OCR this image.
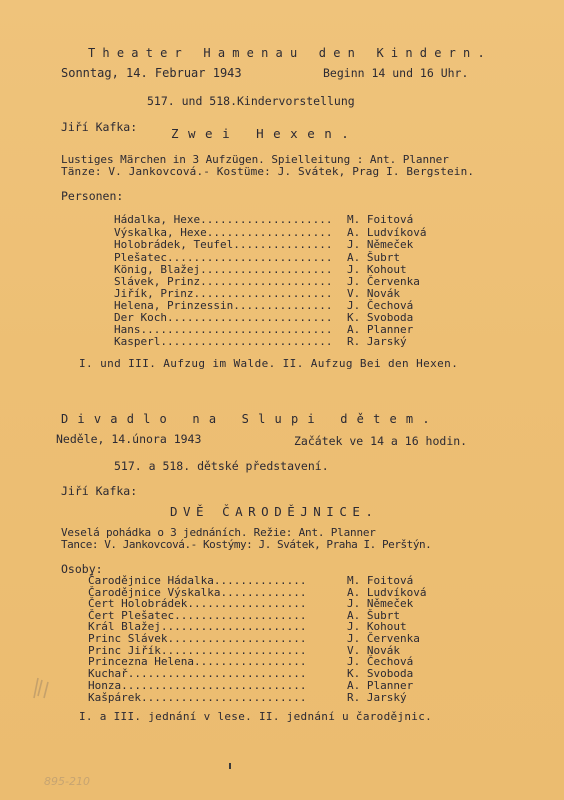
Theater Hamenau den Kindern.
Sonntag, 14. Februar 1943	Beginn 14 und 16 Uhr.
517. und 518.Kindervorstellung
Jiří Kafka:	Zwei Hexen.
Lustiges Märchen in 3 Aufzügen. Spielleitung : Ant. Planner
Tänze: V. Jankovcová.- Kostüme: J. Svátek, Prag I. Bergstein.
Personen:
Hádalka, Hexe.................... M. Foitová
Výskalka, Hexe................... A. Ludvíková
Holobrádek, Teufel............... J. Němeček
Plešatec......................... A. Šubrt
König, Blažej.................... J. Kohout
Slávek, Prinz.................... J. Červenka
Jiřík, Prinz..................... V. Novák
Helena, Prinzessin............... J. Čechová
Der Koch......................... K. Svoboda
Hans............................. A. Planner
Kasperl.......................... R. Jarský
I. und III. Aufzug im Walde. II. Aufzug Bei den Hexen.
Divadlo na Slupi dětem.
Neděle, 14.února 1943	Začátek ve 14 a 16 hodin.
517. a 518. dětské představení.
Jiří Kafka:
DVĚ ČARODĚJNICE.
Veselá pohádka o 3 jednáních. Režie: Ant. Planner
Tance: V. Jankovcová.- Kostýmy: J. Svátek, Praha I. Perštýn.
Osoby:
Čarodějnice Hádalka..............	M. Foitová
Čarodějnice Výskalka.............	A. Ludvíková
Čert Holobrádek..................	J. Němeček
Čert Plešatec....................	A. Šubrt
Král Blažej......................	J. Kohout
Princ Slávek.....................	J. Červenka
Princ Jiřík......................	V. Novák
Princezna Helena.................	J. Čechová
Kuchař...........................	K. Svoboda
Honza............................	A. Planner
Kašpárek.........................	R. Jarský
I. a III. jednání v lese. II. jednání u čarodějnic.
895-210
